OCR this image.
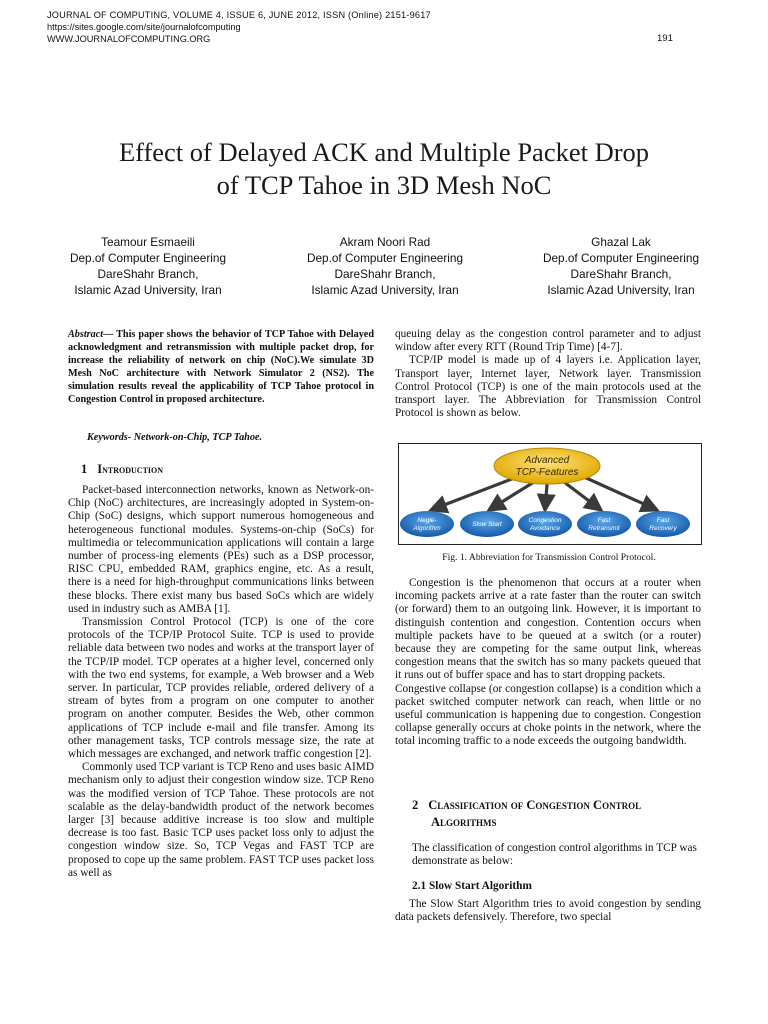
JOURNAL OF COMPUTING, VOLUME 4, ISSUE 6, JUNE 2012, ISSN (Online) 2151-9617
https://sites.google.com/site/journalofcomputing
WWW.JOURNALOFCOMPUTING.ORG	191
Effect of Delayed ACK and Multiple Packet Drop
of TCP Tahoe in 3D Mesh NoC
Teamour Esmaeili
Dep.of Computer Engineering
DareShahr Branch,
Islamic Azad University, Iran
Akram Noori Rad
Dep.of Computer Engineering
DareShahr Branch,
Islamic Azad University, Iran
Ghazal Lak
Dep.of Computer Engineering
DareShahr Branch,
Islamic Azad University, Iran

Abstract— This paper shows the behavior of TCP Tahoe with Delayed acknowledgment and retransmission with multiple packet drop, for increase the reliability of network on chip (NoC).We simulate 3D Mesh NoC architecture with Network Simulator 2 (NS2). The simulation results reveal the applicability of TCP Tahoe protocol in Congestion Control in proposed architecture.

Keywords- Network-on-Chip, TCP Tahoe.
1 Introduction

Packet-based interconnection networks, known as Network-on-Chip (NoC) architectures, are increasingly adopted in System-on-Chip (SoC) designs, which support numerous homogeneous and heterogeneous functional modules. Systems-on-chip (SoCs) for multimedia or telecommunication applications will contain a large number of process-ing elements (PEs) such as a DSP processor, RISC CPU, embedded RAM, graphics engine, etc. As a result, there is a need for high-throughput communications links between these blocks. There exist many bus based SoCs which are widely used in industry such as AMBA [1].

Transmission Control Protocol (TCP) is one of the core protocols of the TCP/IP Protocol Suite. TCP is used to provide reliable data between two nodes and works at the transport layer of the TCP/IP model. TCP operates at a higher level, concerned only with the two end systems, for example, a Web browser and a Web server. In particular, TCP provides reliable, ordered delivery of a stream of bytes from a program on one computer to another program on another computer. Besides the Web, other common applications of TCP include e-mail and file transfer. Among its other management tasks, TCP controls message size, the rate at which messages are exchanged, and network traffic congestion [2].

Commonly used TCP variant is TCP Reno and uses basic AIMD mechanism only to adjust their congestion window size. TCP Reno was the modified version of TCP Tahoe. These protocols are not scalable as the delay-bandwidth product of the network becomes larger [3] because additive increase is too slow and multiple decrease is too fast. Basic TCP uses packet loss only to adjust the congestion window size. So, TCP Vegas and FAST TCP are proposed to cope up the same problem. FAST TCP uses packet loss as well as

queuing delay as the congestion control parameter and to adjust window after every RTT (Round Trip Time) [4-7].

TCP/IP model is made up of 4 layers i.e. Application layer, Transport layer, Internet layer, Network layer. Transmission Control Protocol (TCP) is one of the main protocols used at the transport layer. The Abbreviation for Transmission Control Protocol is shown as below.

Advanced
TCP-Features
Negle-
Algorithm
Slow Start
Congestion
Avoidance
Fast
Retransmit
Fast
Recovery
Fig. 1. Abbreviation for Transmission Control Protocol.

Congestion is the phenomenon that occurs at a router when incoming packets arrive at a rate faster than the router can switch (or forward) them to an outgoing link. However, it is important to distinguish contention and congestion. Contention occurs when multiple packets have to be queued at a switch (or a router) because they are competing for the same output link, whereas congestion means that the switch has so many packets queued that it runs out of buffer space and has to start dropping packets.

Congestive collapse (or congestion collapse) is a condition which a packet switched computer network can reach, when little or no useful communication is happening due to congestion. Congestion collapse generally occurs at choke points in the network, where the total incoming traffic to a node exceeds the outgoing bandwidth.

2 Classification of Congestion Control
Algorithms

The classification of congestion control algorithms in TCP was demonstrate as below:

2.1 Slow Start Algorithm

The Slow Start Algorithm tries to avoid congestion by sending data packets defensively. Therefore, two special
